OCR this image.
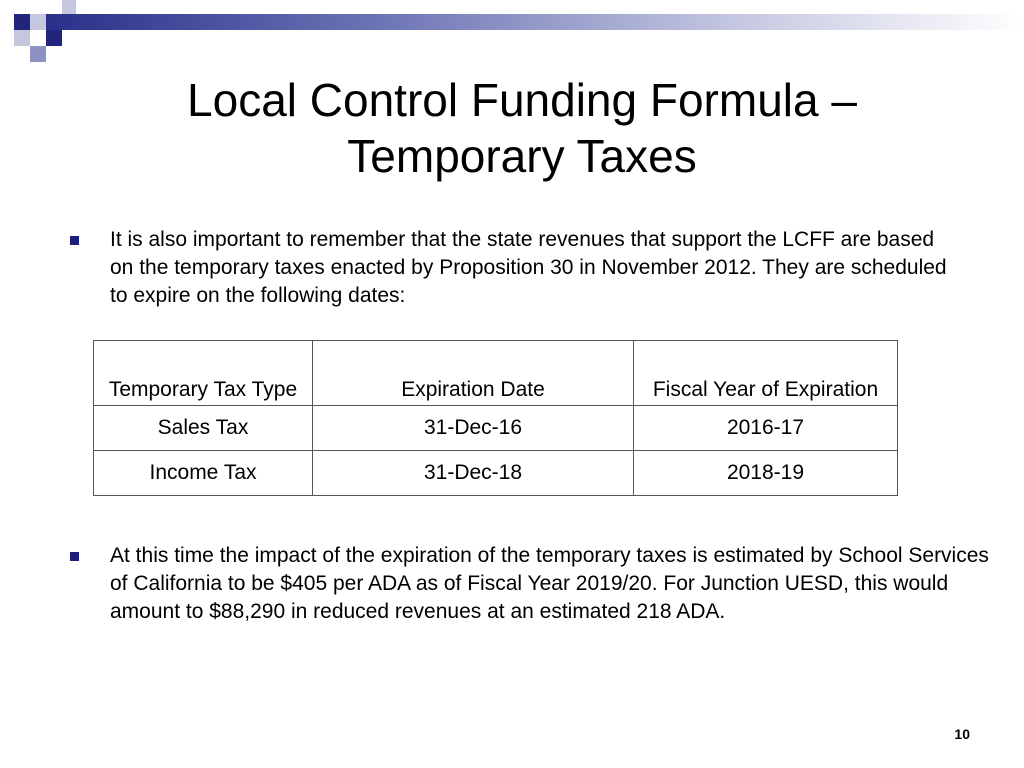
Local Control Funding Formula – Temporary Taxes
It is also important to remember that the state revenues that support the LCFF are based on the temporary taxes enacted by Proposition 30 in November 2012. They are scheduled to expire on the following dates:
Temporary Tax Type	Expiration Date	Fiscal Year of Expiration
Sales Tax	31-Dec-16	2016-17
Income Tax	31-Dec-18	2018-19
At this time the impact of the expiration of the temporary taxes is estimated by School Services of California to be $405 per ADA as of Fiscal Year 2019/20. For Junction UESD, this would amount to $88,290 in reduced revenues at an estimated 218 ADA.
10
